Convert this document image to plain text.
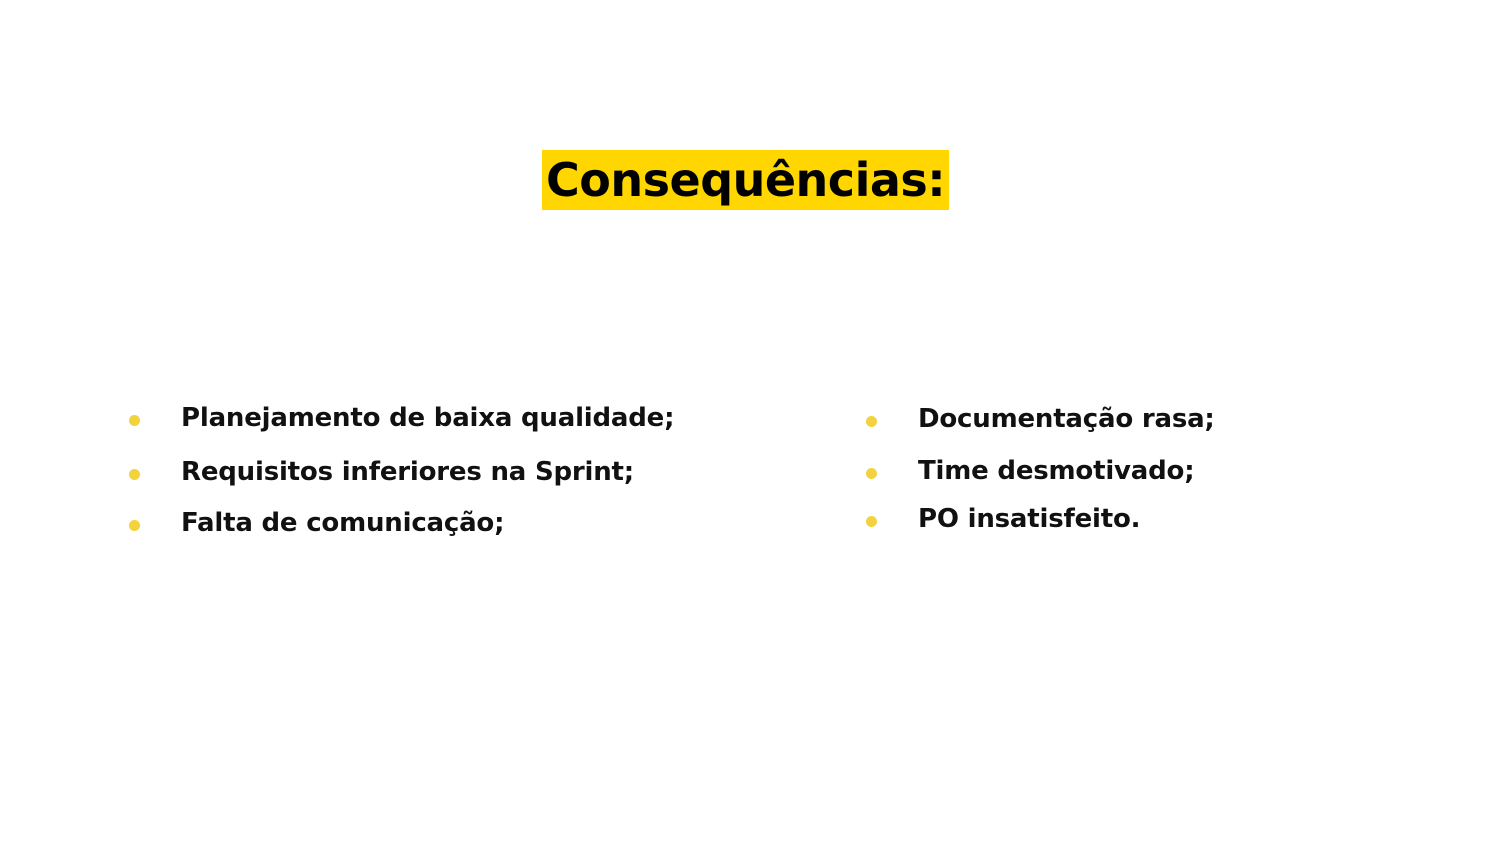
Consequências:
Planejamento de baixa qualidade;
Requisitos inferiores na Sprint;
Falta de comunicação;
Documentação rasa;
Time desmotivado;
PO insatisfeito.
